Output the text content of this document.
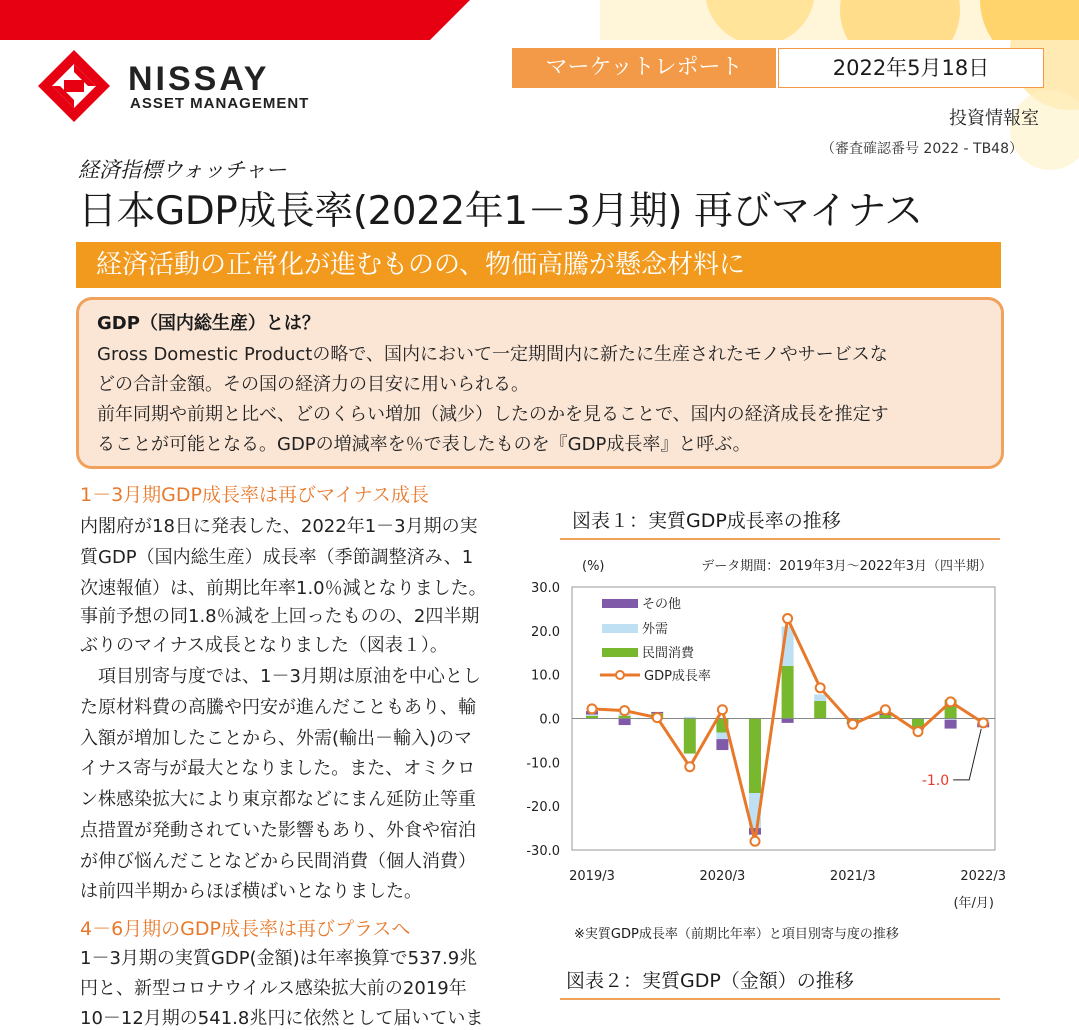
NISSAY
ASSET MANAGEMENT
マーケットレポート	2022年5月18日
投資情報室
（審査確認番号 2022 - TB48）
経済指標ウォッチャー
日本GDP成長率(2022年1－3月期) 再びマイナス
経済活動の正常化が進むものの、物価高騰が懸念材料に
GDP（国内総生産）とは？
Gross Domestic Productの略で、国内において一定期間内に新たに生産されたモノやサービスな
どの合計金額。その国の経済力の目安に用いられる。
前年同期や前期と比べ、どのくらい増加（減少）したのかを見ることで、国内の経済成長を推定す
ることが可能となる。GDPの増減率を％で表したものを『GDP成長率』と呼ぶ。
1－3月期GDP成長率は再びマイナス成長
内閣府が18日に発表した、2022年1－3月期の実
質GDP（国内総生産）成長率（季節調整済み、1
次速報値）は、前期比年率1.0％減となりました。
事前予想の同1.8％減を上回ったものの、2四半期
ぶりのマイナス成長となりました（図表１）。
　項目別寄与度では、1－3月期は原油を中心とし
た原材料費の高騰や円安が進んだこともあり、輸
入額が増加したことから、外需(輸出－輸入)のマ
イナス寄与が最大となりました。また、オミクロ
ン株感染拡大により東京都などにまん延防止等重
点措置が発動されていた影響もあり、外食や宿泊
が伸び悩んだことなどから民間消費（個人消費）
は前四半期からほぼ横ばいとなりました。
4－6月期のGDP成長率は再びプラスへ
1－3月期の実質GDP(金額)は年率換算で537.9兆
円と、新型コロナウイルス感染拡大前の2019年
10－12月期の541.8兆円に依然として届いていま
図表１：実質GDP成長率の推移
(%)	データ期間：2019年3月～2022年3月（四半期）
30.0
20.0
10.0
0.0
-10.0
-20.0
-30.0
2019/3	2020/3	2021/3	2022/3
(年/月)
その他
外需
民間消費
GDP成長率
-1.0
※実質GDP成長率（前期比年率）と項目別寄与度の推移
図表２：実質GDP（金額）の推移
